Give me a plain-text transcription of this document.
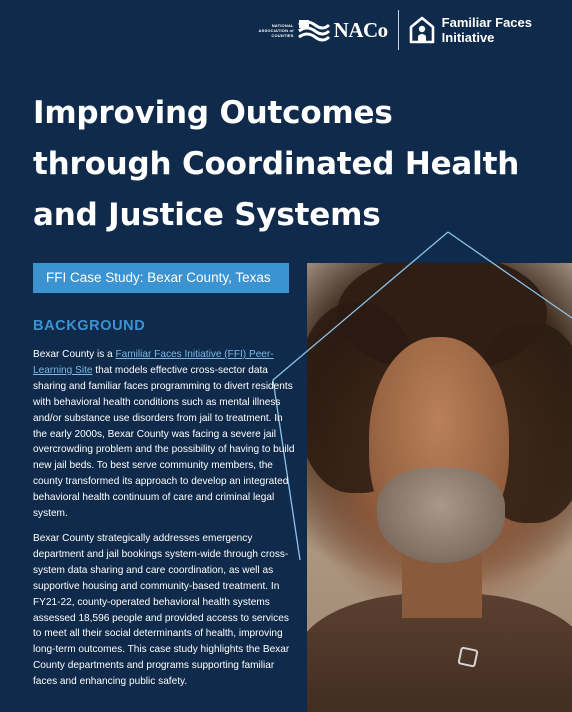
NATIONAL ASSOCIATION of COUNTIES NACo	Familiar Faces
Initiative
Improving Outcomes
through Coordinated Health
and Justice Systems
FFI Case Study: Bexar County, Texas
BACKGROUND

Bexar County is a Familiar Faces Initiative (FFI) Peer-Learning Site that models effective cross-sector data sharing and familiar faces programming to divert residents with behavioral health conditions such as mental illness and/or substance use disorders from jail to treatment. In the early 2000s, Bexar County was facing a severe jail overcrowding problem and the possibility of having to build new jail beds. To best serve community members, the county transformed its approach to develop an integrated behavioral health continuum of care and criminal legal system.

Bexar County strategically addresses emergency department and jail bookings system-wide through cross-system data sharing and care coordination, as well as supportive housing and community-based treatment. In FY21-22, county-operated behavioral health systems assessed 18,596 people and provided access to services to meet all their social determinants of health, improving long-term outcomes. This case study highlights the Bexar County departments and programs supporting familiar faces and enhancing public safety.
